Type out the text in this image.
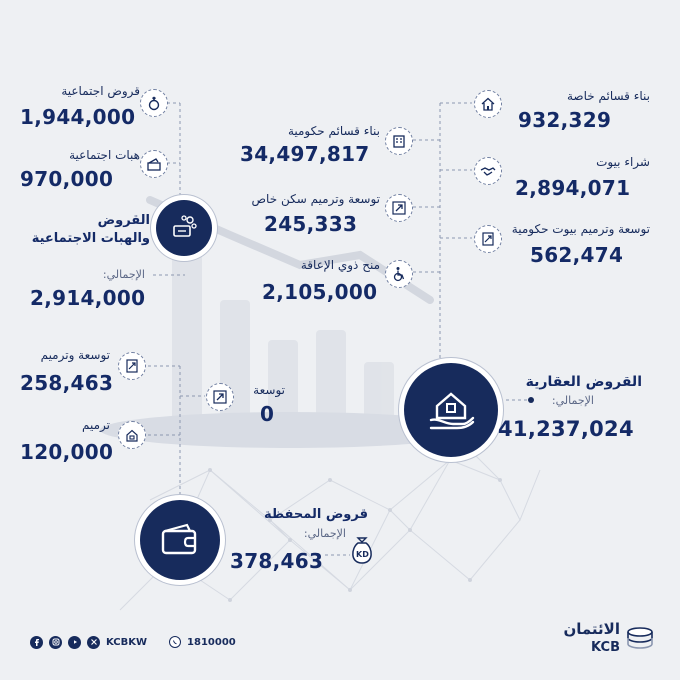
قروض اجتماعية
1,944,000
هبات اجتماعية
970,000
القروض
والهبات الاجتماعية
الإجمالي:
2,914,000
بناء قسائم حكومية
34,497,817
توسعة وترميم سكن خاص
245,333
منح ذوي الإعاقة
2,105,000
بناء قسائم خاصة
932,329
شراء بيوت
2,894,071
توسعة وترميم بيوت حكومية
562,474
القروض العقارية
الإجمالي:
41,237,024
توسعة وترميم
258,463	توسعة
0
ترميم
120,000
قروض المحفظة
الإجمالي:
378,463	KD
KCBKW	1810000
الائتمان
KCB
